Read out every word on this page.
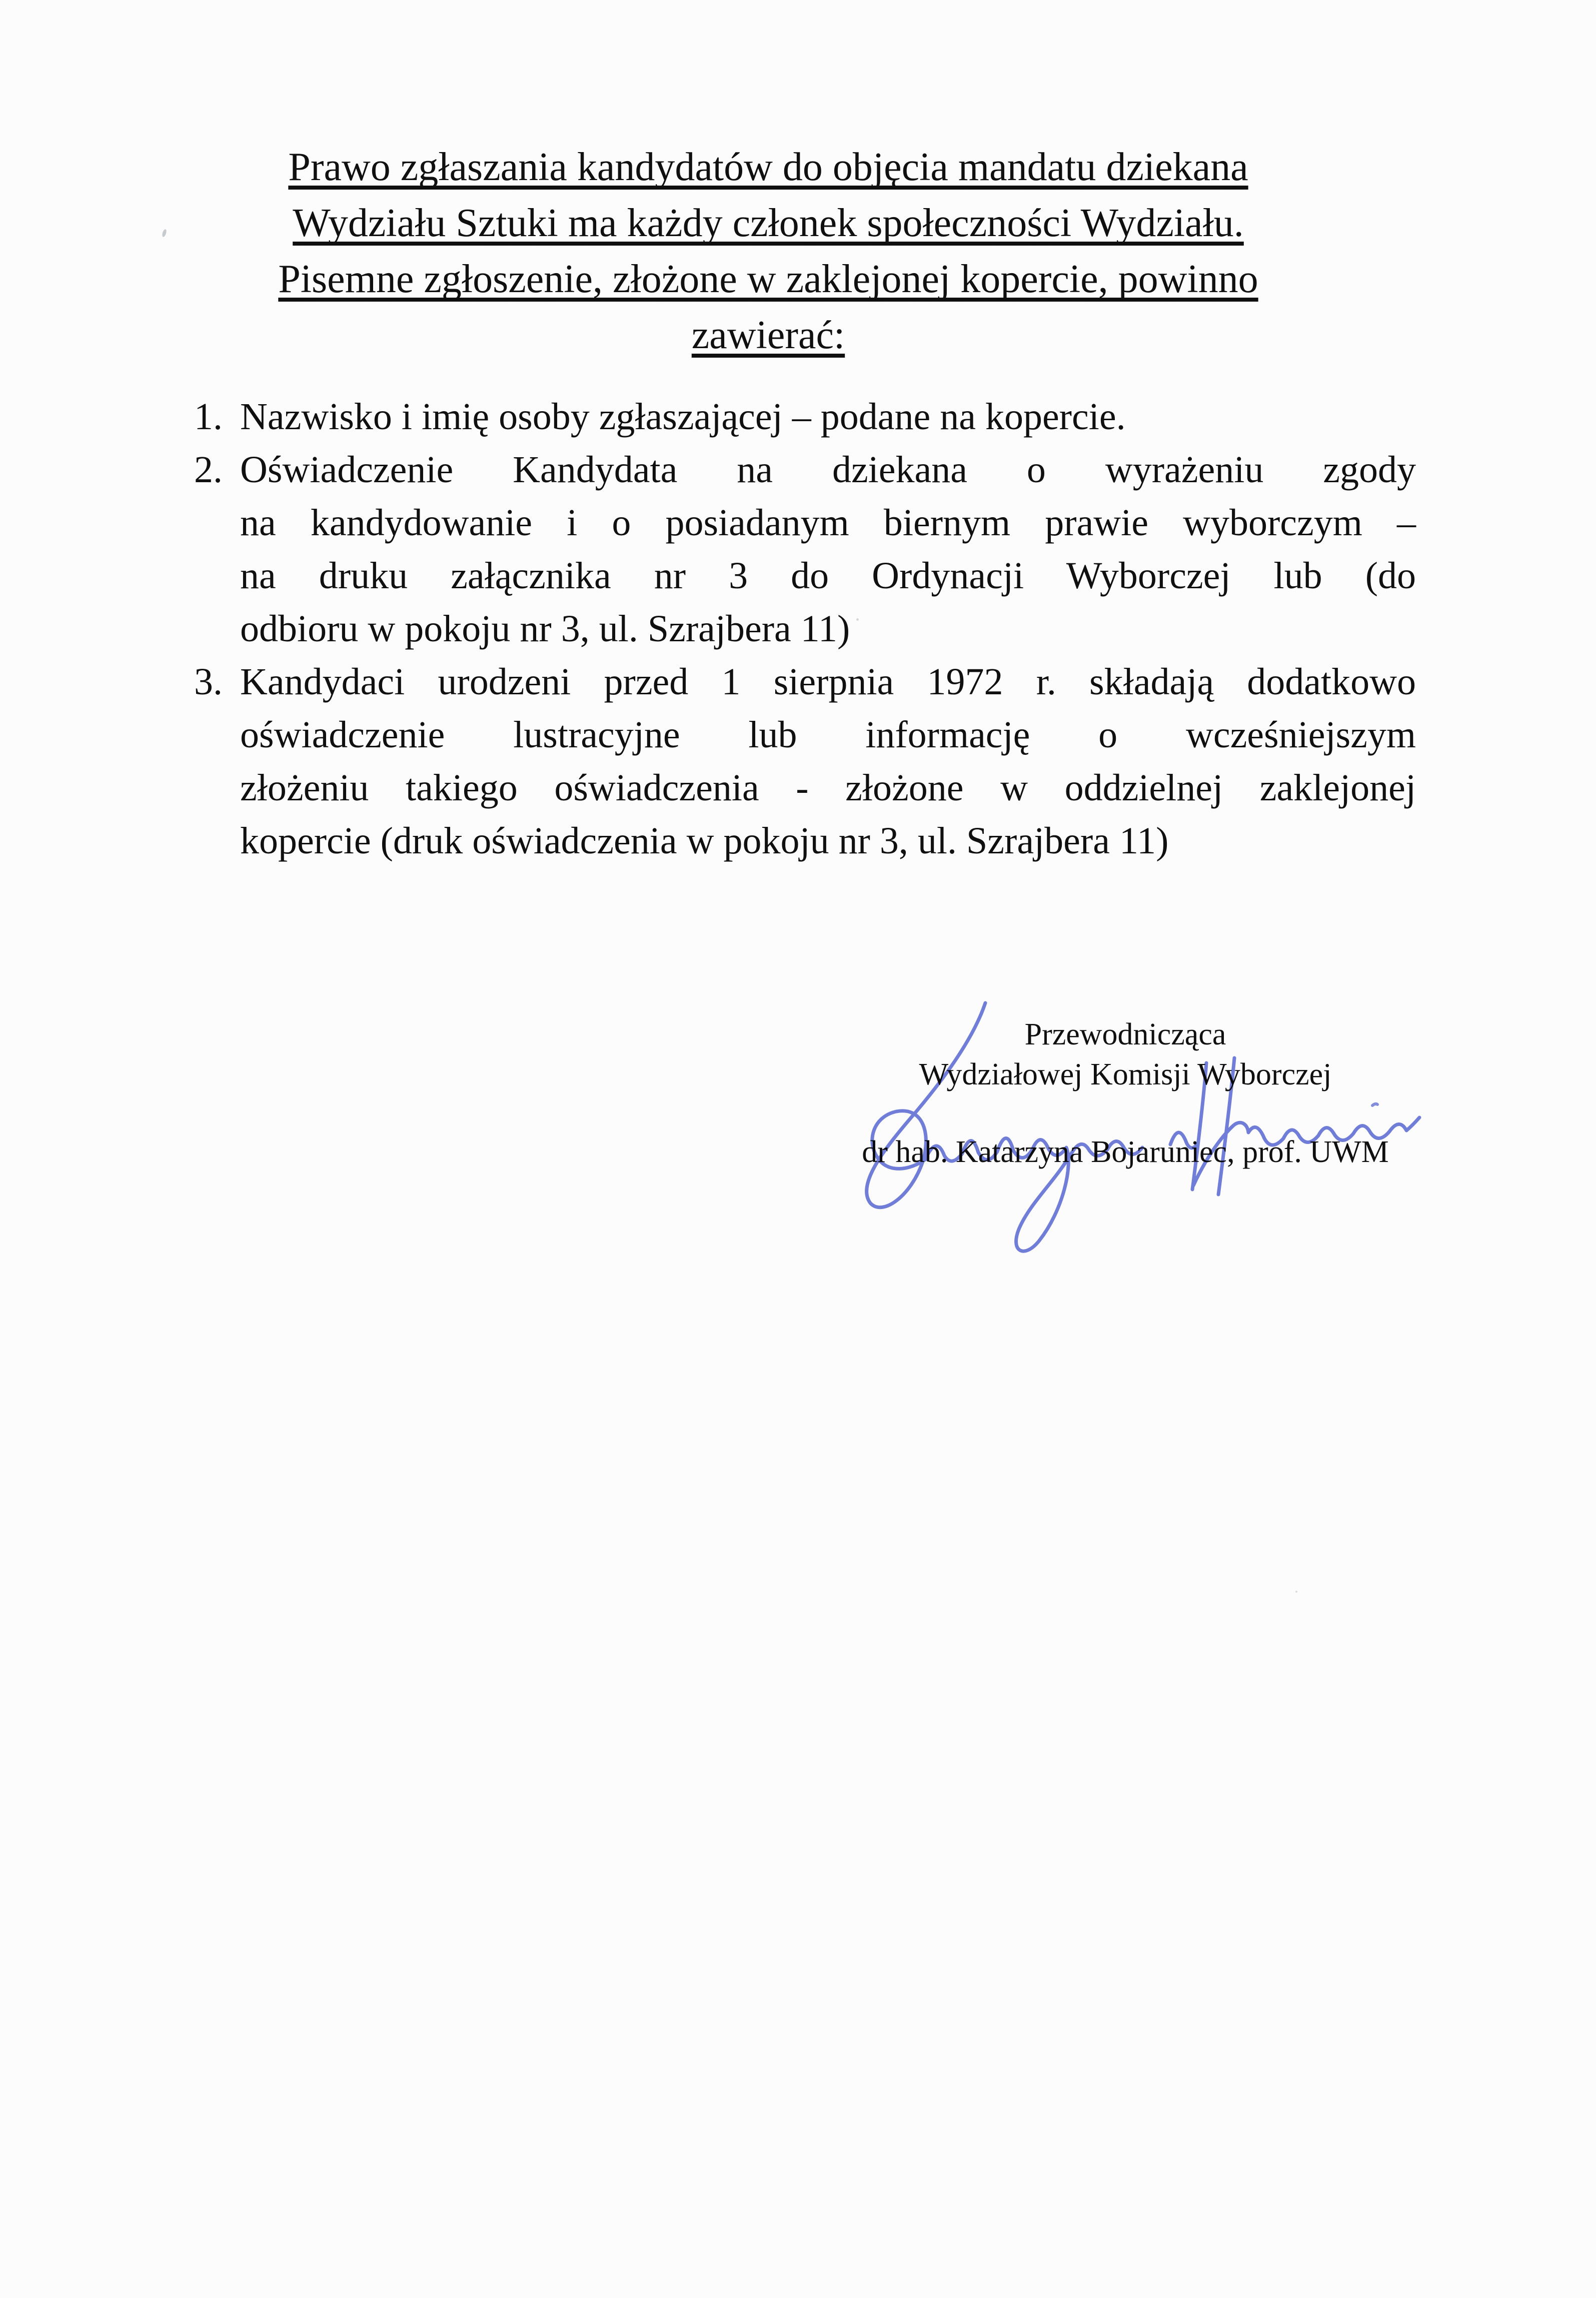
Prawo zgłaszania kandydatów do objęcia mandatu dziekana
Wydziału Sztuki ma każdy członek społeczności Wydziału.
Pisemne zgłoszenie, złożone w zaklejonej kopercie, powinno
zawierać:
1. Nazwisko i imię osoby zgłaszającej – podane na kopercie.
2. Oświadczenie Kandydata na dziekana o wyrażeniu zgody
na kandydowanie i o posiadanym biernym prawie wyborczym –
na druku załącznika nr 3 do Ordynacji Wyborczej lub (do
odbioru w pokoju nr 3, ul. Szrajbera 11)
3. Kandydaci urodzeni przed 1 sierpnia 1972 r. składają dodatkowo
oświadczenie lustracyjne lub informację o wcześniejszym
złożeniu takiego oświadczenia - złożone w oddzielnej zaklejonej
kopercie (druk oświadczenia w pokoju nr 3, ul. Szrajbera 11)
Przewodnicząca
Wydziałowej Komisji Wyborczej
dr hab. Katarzyna Bojaruniec, prof. UWM
